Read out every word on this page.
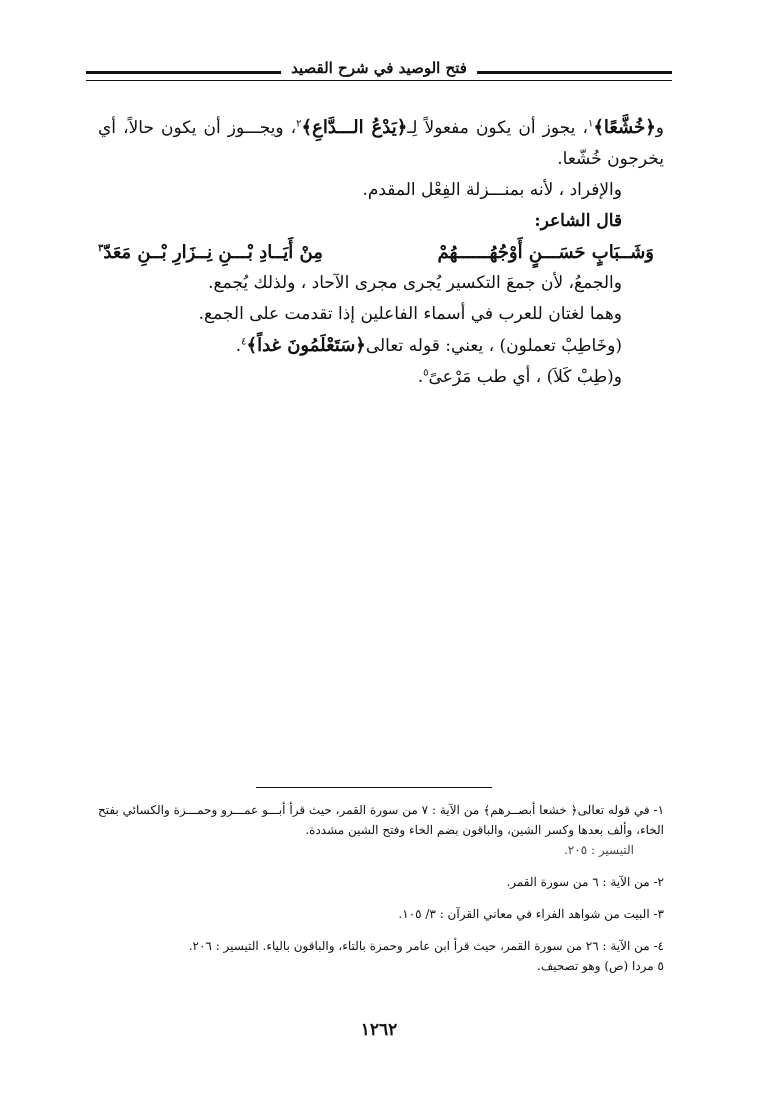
فتح الوصيد في شرح القصيد

و﴿خُشَّعًا﴾$^١$، يجوز أن يكون مفعولاً لِـ﴿يَدْعُ الـــدَّاعِ﴾$^٢$، ويجـــوز أن يكون حالاً، أي يخرجون خُشّعا.

والإفراد ، لأنه بمنـــزلة الفِعْل المقدم.

قال الشاعر:

وَشَــبَابٍ حَسَـــنٍ أَوْجُهُــــــهُمْ
مِنْ أَيَــادِ بْـــنِ نِــزَارِ بْــنِ مَعَدّ$^٣$

والجمعُ، لأن جمعَ التكسير يُجرى مجرى الآحاد ، ولذلك يُجمع.

وهما لغتان للعرب في أسماء الفاعلين إذا تقدمت على الجمع.

(وخَاطِبْ تعملون) ، يعني: قوله تعالى﴿سَتَعْلَمُونَ غداً﴾$^٤$.

و(طِبْ كَلاَ) ، أي طب مَرْعىً$^٥$.

١- في قوله تعالى﴿ خشعا أبصــرهم﴾ من الآية : ٧ من سورة القمر، حيث قرأ أبـــو عمـــرو وحمـــزة والكسائي بفتح الخاء، وألف بعدها وكسر الشين، والباقون بضم الخاء وفتح الشين مشددة.

التيسير : ٢٠٥.

٢- من الآية : ٦ من سورة القمر.

٣- البيت من شواهد الفراء في معاني القرآن : ٣/ ١٠٥.

٤- من الآية : ٢٦ من سورة القمر، حيث قرأ ابن عامر وحمزة بالتاء، والباقون بالياء. التيسير : ٢٠٦.

٥ مردا (ص) وهو تصحيف.

١٢٦٢
